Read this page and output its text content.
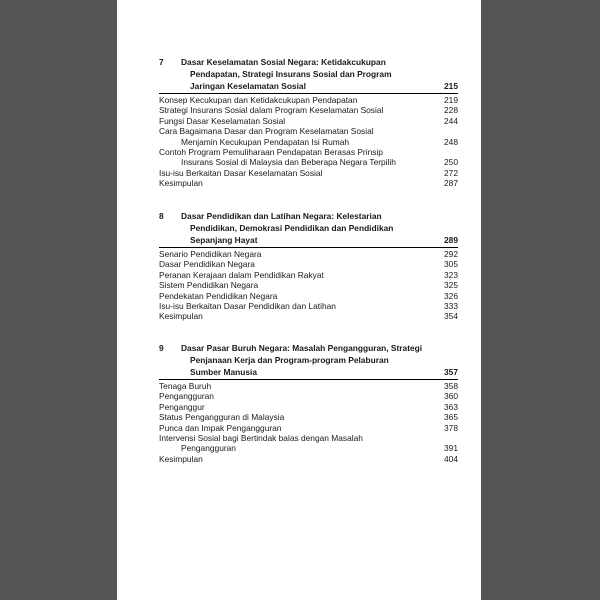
7 Dasar Keselamatan Sosial Negara: Ketidakcukupan
Pendapatan, Strategi Insurans Sosial dan Program
Jaringan Keselamatan Sosial	215
Konsep Kecukupan dan Ketidakcukupan Pendapatan	219
Strategi Insurans Sosial dalam Program Keselamatan Sosial	228
Fungsi Dasar Keselamatan Sosial	244
Cara Bagaimana Dasar dan Program Keselamatan Sosial
Menjamin Kecukupan Pendapatan Isi Rumah	248
Contoh Program Pemuliharaan Pendapatan Berasas Prinsip
Insurans Sosial di Malaysia dan Beberapa Negara Terpilih	250
Isu-isu Berkaitan Dasar Keselamatan Sosial	272
Kesimpulan	287
8 Dasar Pendidikan dan Latihan Negara: Kelestarian
Pendidikan, Demokrasi Pendidikan dan Pendidikan
Sepanjang Hayat	289
Senario Pendidikan Negara	292
Dasar Pendidikan Negara	305
Peranan Kerajaan dalam Pendidikan Rakyat	323
Sistem Pendidikan Negara	325
Pendekatan Pendidikan Negara	326
Isu-isu Berkaitan Dasar Pendidikan dan Latihan	333
Kesimpulan	354
9 Dasar Pasar Buruh Negara: Masalah Pengangguran, Strategi
Penjanaan Kerja dan Program-program Pelaburan
Sumber Manusia	357
Tenaga Buruh	358
Pengangguran	360
Penganggur	363
Status Pengangguran di Malaysia	365
Punca dan Impak Pengangguran	378
Intervensi Sosial bagi Bertindak balas dengan Masalah
Pengangguran	391
Kesimpulan	404
